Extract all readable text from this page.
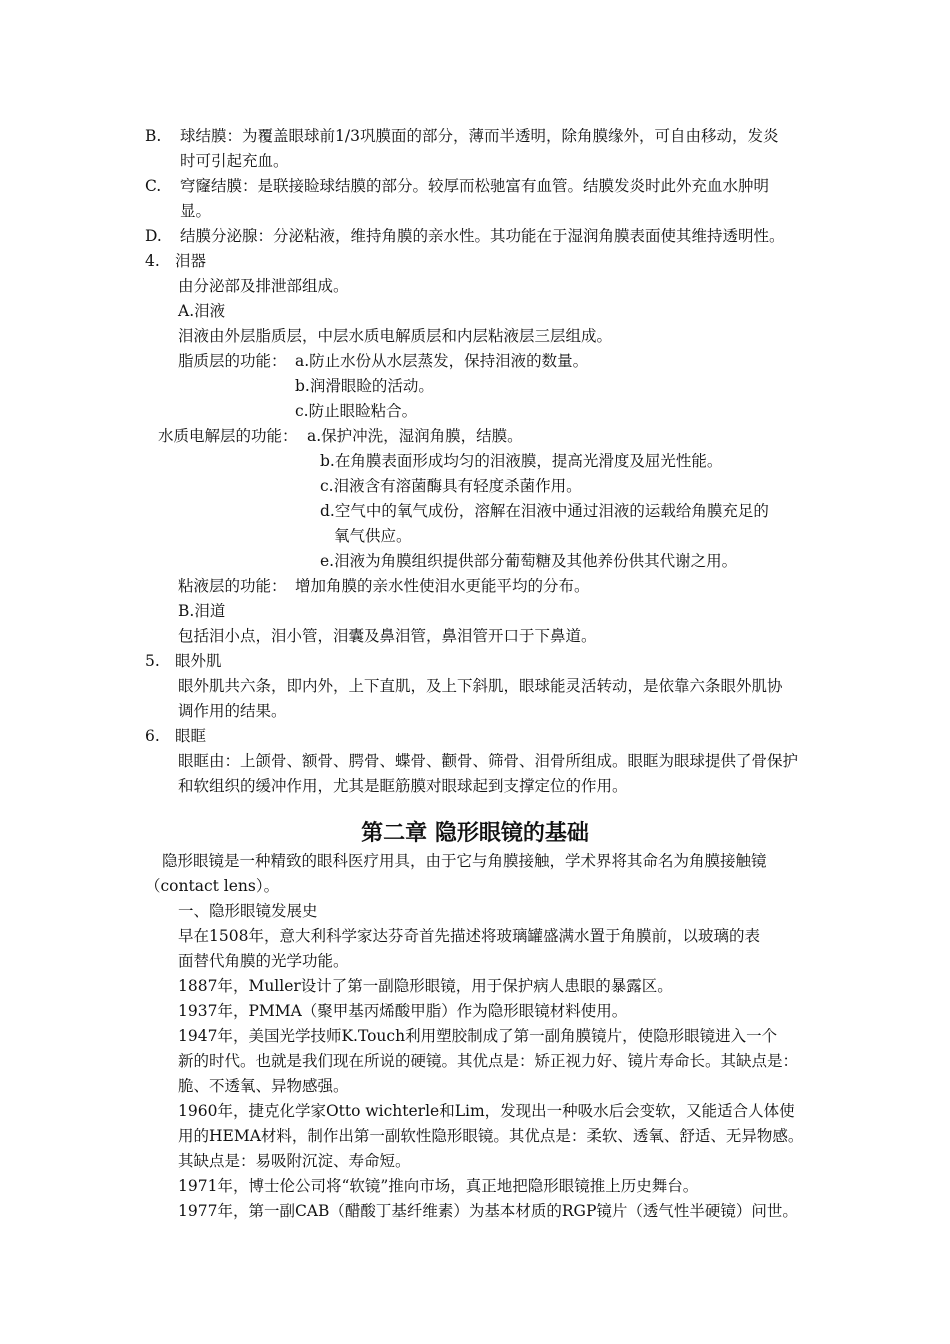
B. 球结膜：为覆盖眼球前1/3巩膜面的部分，薄而半透明，除角膜缘外，可自由移动，发炎
时可引起充血。
C. 穹窿结膜：是联接睑球结膜的部分。较厚而松驰富有血管。结膜发炎时此外充血水肿明
显。
D. 结膜分泌腺：分泌粘液，维持角膜的亲水性。其功能在于湿润角膜表面使其维持透明性。
4. 泪器
由分泌部及排泄部组成。
A.泪液
泪液由外层脂质层，中层水质电解质层和内层粘液层三层组成。
脂质层的功能： a.防止水份从水层蒸发，保持泪液的数量。
b.润滑眼睑的活动。
c.防止眼睑粘合。
水质电解层的功能： a.保护冲洗，湿润角膜，结膜。
b.在角膜表面形成均匀的泪液膜，提高光滑度及屈光性能。
c.泪液含有溶菌酶具有轻度杀菌作用。
d.空气中的氧气成份，溶解在泪液中通过泪液的运载给角膜充足的
氧气供应。
e.泪液为角膜组织提供部分葡萄糖及其他养份供其代谢之用。
粘液层的功能： 增加角膜的亲水性使泪水更能平均的分布。
B.泪道
包括泪小点，泪小管，泪囊及鼻泪管，鼻泪管开口于下鼻道。
5. 眼外肌
眼外肌共六条，即内外，上下直肌，及上下斜肌，眼球能灵活转动，是依靠六条眼外肌协
调作用的结果。
6. 眼眶
眼眶由：上颌骨、额骨、腭骨、蝶骨、颧骨、筛骨、泪骨所组成。眼眶为眼球提供了骨保护
和软组织的缓冲作用，尤其是眶筋膜对眼球起到支撑定位的作用。
第二章 隐形眼镜的基础
隐形眼镜是一种精致的眼科医疗用具，由于它与角膜接触，学术界将其命名为角膜接触镜
（contact lens）。
一、隐形眼镜发展史
早在1508年，意大利科学家达芬奇首先描述将玻璃罐盛满水置于角膜前，以玻璃的表
面替代角膜的光学功能。
1887年，Muller设计了第一副隐形眼镜，用于保护病人患眼的暴露区。
1937年，PMMA（聚甲基丙烯酸甲脂）作为隐形眼镜材料使用。
1947年，美国光学技师K.Touch利用塑胶制成了第一副角膜镜片，使隐形眼镜进入一个
新的时代。也就是我们现在所说的硬镜。其优点是：矫正视力好、镜片寿命长。其缺点是：
脆、不透氧、异物感强。
1960年，捷克化学家Otto wichterle和Lim，发现出一种吸水后会变软，又能适合人体使
用的HEMA材料，制作出第一副软性隐形眼镜。其优点是：柔软、透氧、舒适、无异物感。
其缺点是：易吸附沉淀、寿命短。
1971年，博士伦公司将“软镜”推向市场，真正地把隐形眼镜推上历史舞台。
1977年，第一副CAB（醋酸丁基纤维素）为基本材质的RGP镜片（透气性半硬镜）问世。
